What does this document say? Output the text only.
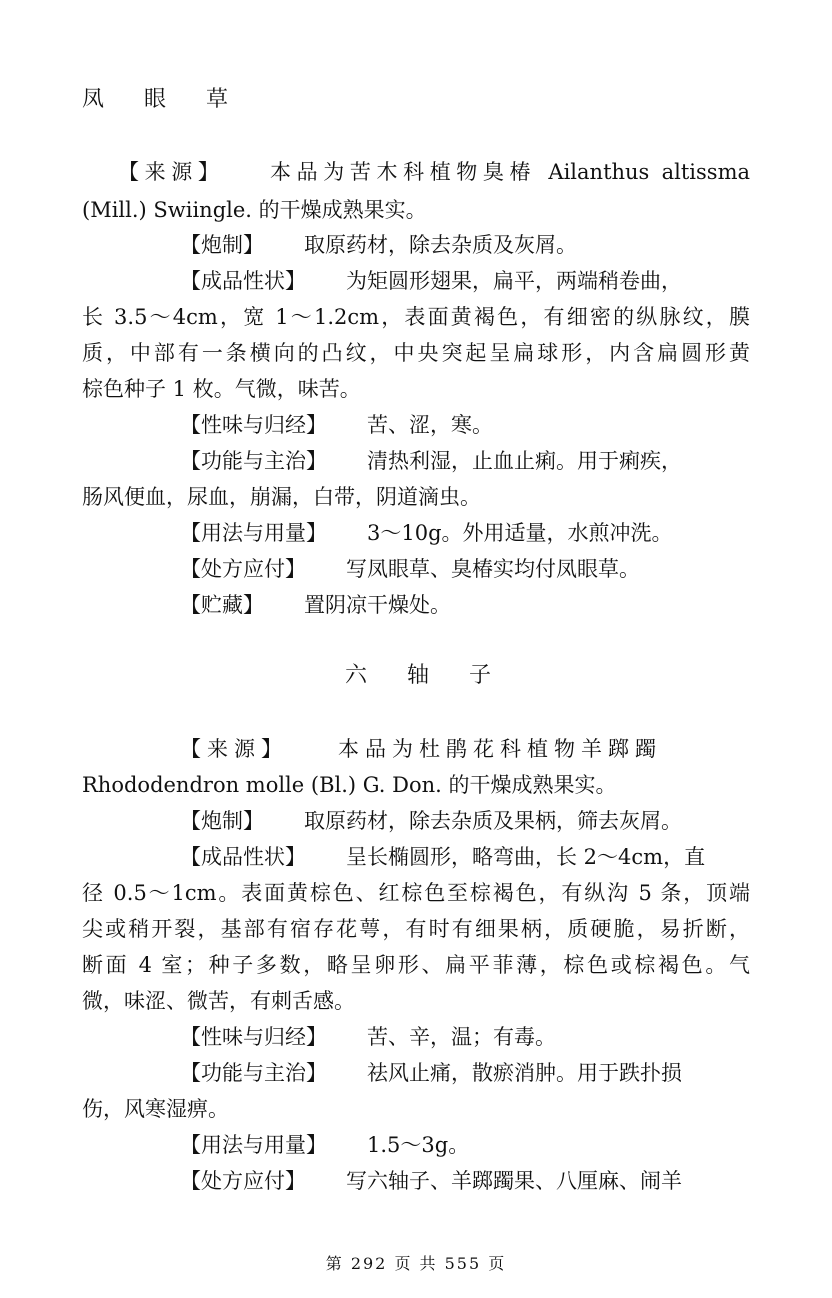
凤 眼 草
【来源】 本品为苦木科植物臭椿 Ailanthus altissma
(Mill.) Swiingle. 的干燥成熟果实。
【炮制】 取原药材，除去杂质及灰屑。
【成品性状】 为矩圆形翅果，扁平，两端稍卷曲，
长 3.5～4cm，宽 1～1.2cm，表面黄褐色，有细密的纵脉纹，膜
质，中部有一条横向的凸纹，中央突起呈扁球形，内含扁圆形黄
棕色种子 1 枚。气微，味苦。
【性味与归经】 苦、涩，寒。
【功能与主治】 清热利湿，止血止痢。用于痢疾，
肠风便血，尿血，崩漏，白带，阴道滴虫。
【用法与用量】 3～10g。外用适量，水煎冲洗。
【处方应付】 写凤眼草、臭椿实均付凤眼草。
【贮藏】 置阴凉干燥处。
六 轴 子
【来源】 本品为杜鹃花科植物羊踯躅
Rhododendron molle (Bl.) G. Don. 的干燥成熟果实。
【炮制】 取原药材，除去杂质及果柄，筛去灰屑。
【成品性状】 呈长椭圆形，略弯曲，长 2～4cm，直
径 0.5～1cm。表面黄棕色、红棕色至棕褐色，有纵沟 5 条，顶端
尖或稍开裂，基部有宿存花萼，有时有细果柄，质硬脆，易折断，
断面 4 室；种子多数，略呈卵形、扁平菲薄，棕色或棕褐色。气
微，味涩、微苦，有刺舌感。
【性味与归经】 苦、辛，温；有毒。
【功能与主治】 祛风止痛，散瘀消肿。用于跌扑损
伤，风寒湿痹。
【用法与用量】 1.5～3g。
【处方应付】 写六轴子、羊踯躅果、八厘麻、闹羊
第 292 页 共 555 页
